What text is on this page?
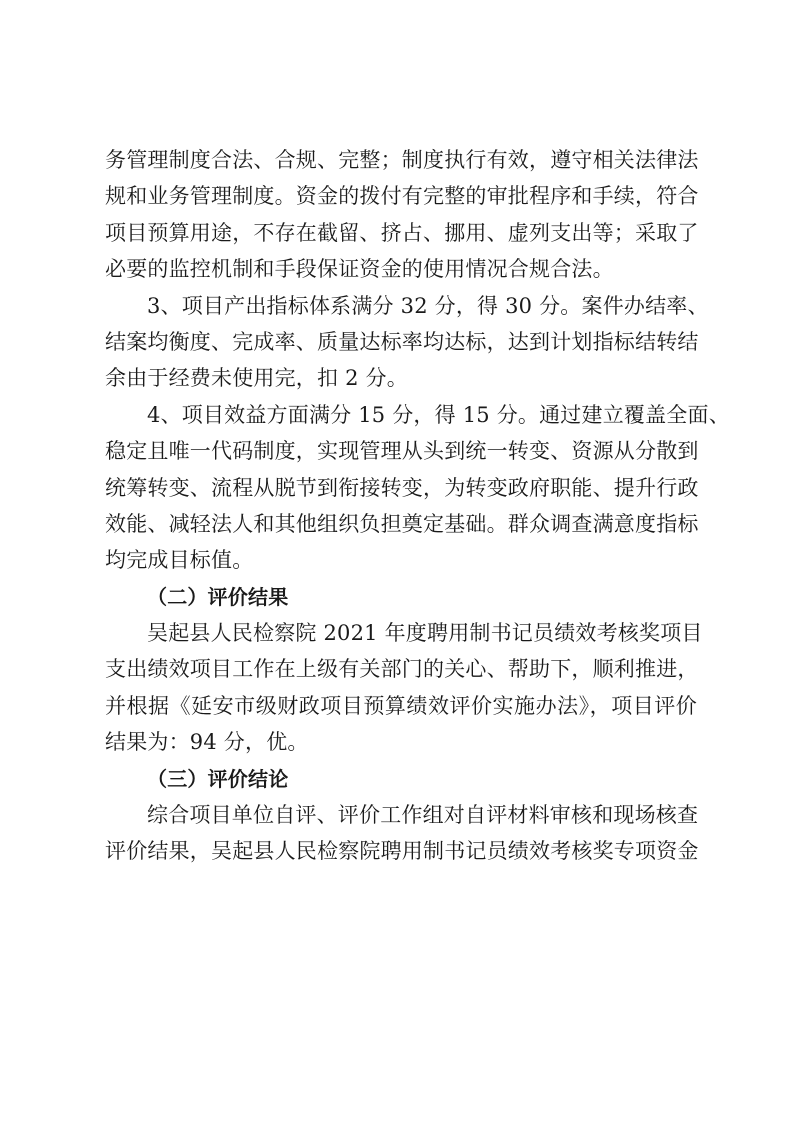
务管理制度合法、合规、完整；制度执行有效，遵守相关法律法
规和业务管理制度。资金的拨付有完整的审批程序和手续，符合
项目预算用途，不存在截留、挤占、挪用、虚列支出等；采取了
必要的监控机制和手段保证资金的使用情况合规合法。
3、项目产出指标体系满分 32 分，得 30 分。案件办结率、
结案均衡度、完成率、质量达标率均达标，达到计划指标结转结
余由于经费未使用完，扣 2 分。
4、项目效益方面满分 15 分，得 15 分。通过建立覆盖全面、
稳定且唯一代码制度，实现管理从头到统一转变、资源从分散到
统筹转变、流程从脱节到衔接转变，为转变政府职能、提升行政
效能、减轻法人和其他组织负担奠定基础。群众调查满意度指标
均完成目标值。
（二）评价结果
吴起县人民检察院 2021 年度聘用制书记员绩效考核奖项目
支出绩效项目工作在上级有关部门的关心、帮助下，顺利推进，
并根据《延安市级财政项目预算绩效评价实施办法》，项目评价
结果为：94 分，优。
（三）评价结论
综合项目单位自评、评价工作组对自评材料审核和现场核查
评价结果，吴起县人民检察院聘用制书记员绩效考核奖专项资金
